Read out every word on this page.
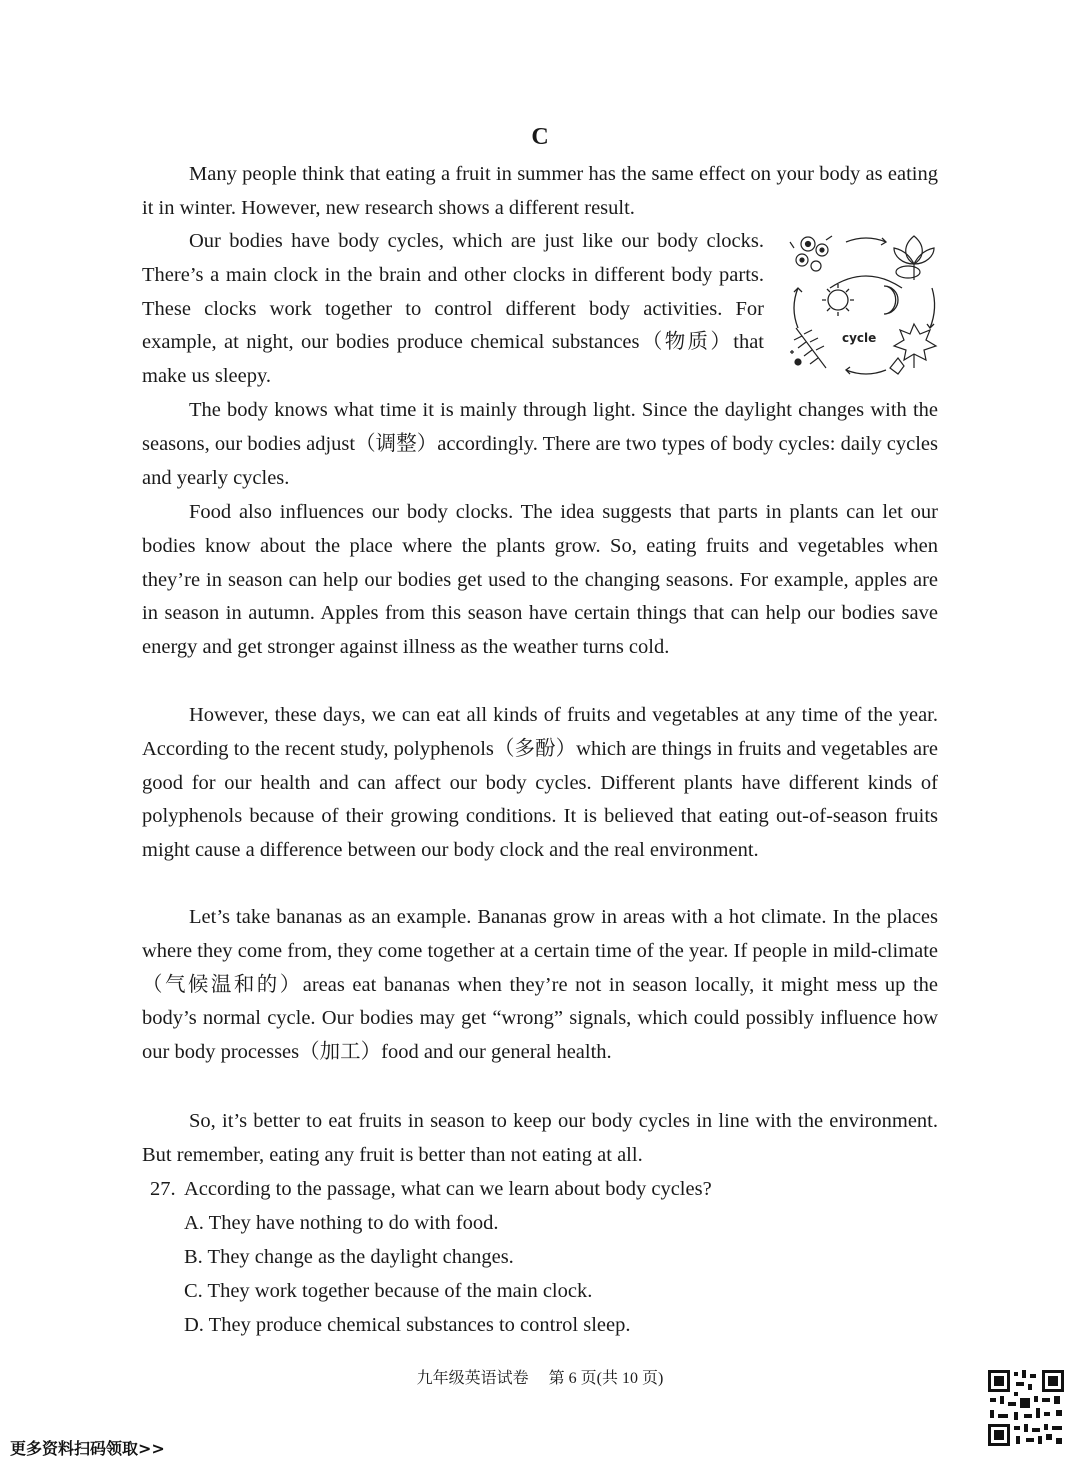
C

Many people think that eating a fruit in summer has the same effect on your body as eating it in winter. However, new research shows a different result.

Our bodies have body cycles, which are just like our body clocks. There’s a main clock in the brain and other clocks in different body parts. These clocks work together to control different body activities. For example, at night, our bodies produce chemical substances（物质）that make us sleepy.

cycle

The body knows what time it is mainly through light. Since the daylight changes with the seasons, our bodies adjust（调整）accordingly. There are two types of body cycles: daily cycles and yearly cycles.

Food also influences our body clocks. The idea suggests that parts in plants can let our bodies know about the place where the plants grow. So, eating fruits and vegetables when they’re in season can help our bodies get used to the changing seasons. For example, apples are in season in autumn. Apples from this season have certain things that can help our bodies save energy and get stronger against illness as the weather turns cold.

However, these days, we can eat all kinds of fruits and vegetables at any time of the year. According to the recent study, polyphenols（多酚）which are things in fruits and vegetables are good for our health and can affect our body cycles. Different plants have different kinds of polyphenols because of their growing conditions. It is believed that eating out-of-season fruits might cause a difference between our body clock and the real environment.

Let’s take bananas as an example. Bananas grow in areas with a hot climate. In the places where they come from, they come together at a certain time of the year. If people in mild-climate（气候温和的）areas eat bananas when they’re not in season locally, it might mess up the body’s normal cycle. Our bodies may get “wrong” signals, which could possibly influence how our body processes（加工）food and our general health.

So, it’s better to eat fruits in season to keep our body cycles in line with the environment. But remember, eating any fruit is better than not eating at all.

27. According to the passage, what can we learn about body cycles?
A. They have nothing to do with food.
B. They change as the daylight changes.
C. They work together because of the main clock.
D. They produce chemical substances to control sleep.
九年级英语试卷 第 6 页(共 10 页)
更多资料扫码领取>>
